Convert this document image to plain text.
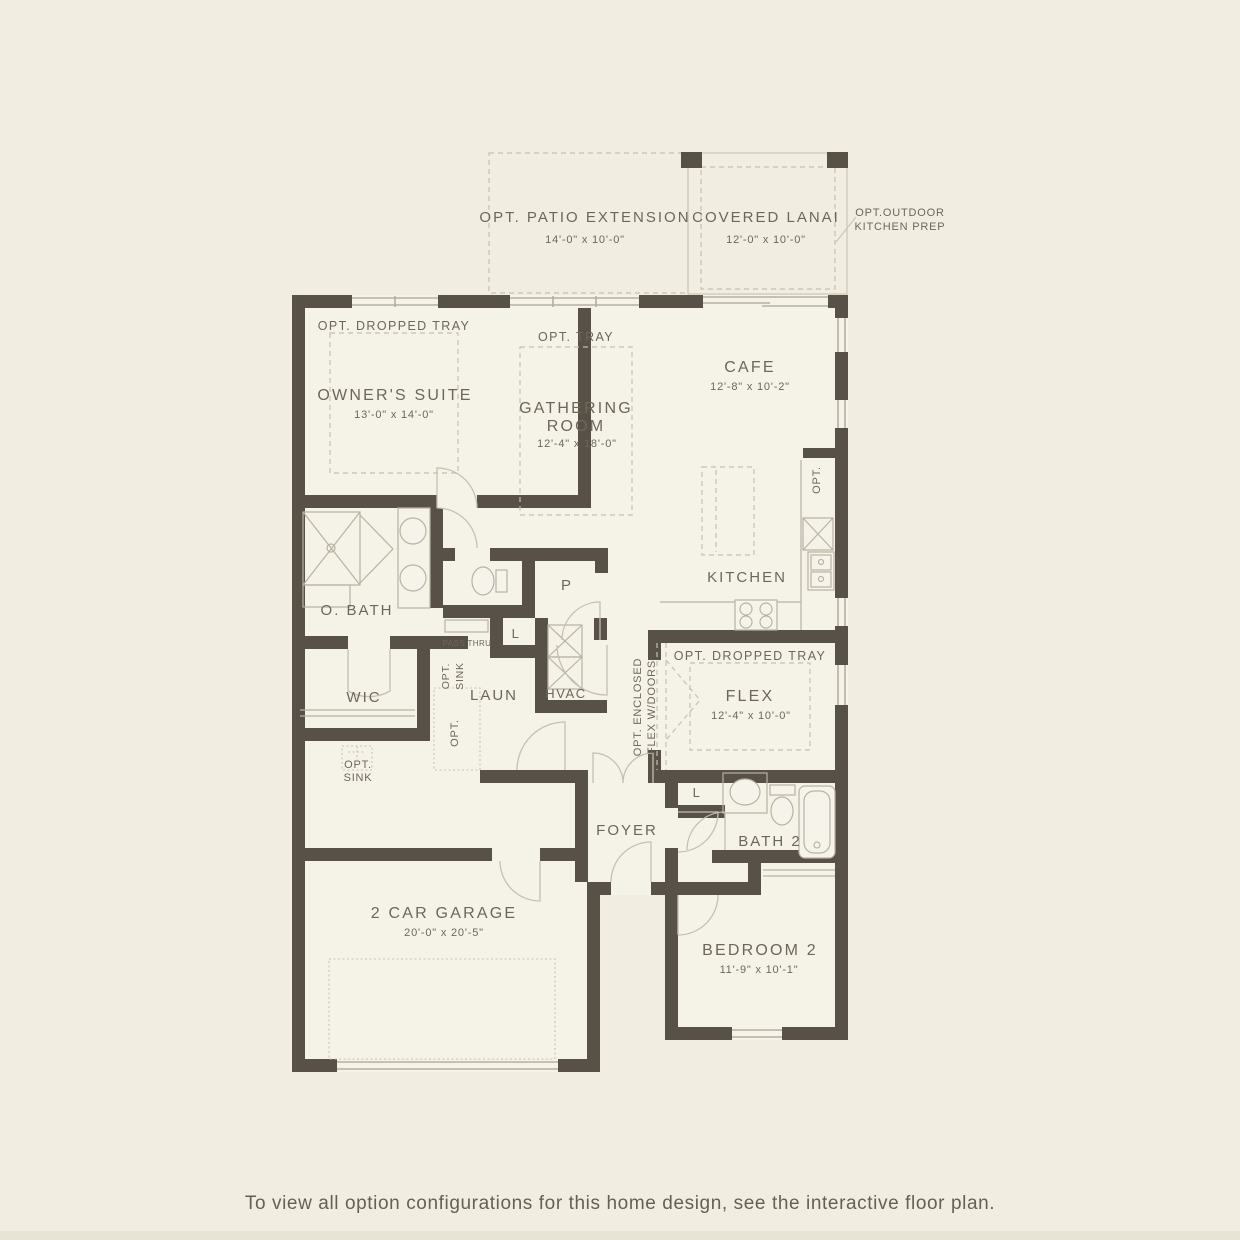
OPT. PATIO EXTENSION
14'-0" x 10'-0"
COVERED LANAI
12'-0" x 10'-0"
OPT.OUTDOOR
KITCHEN PREP
OPT. DROPPED TRAY
OWNER'S SUITE
13'-0" x 14'-0"
OPT. TRAY
GATHERING
ROOM
12'-4" x 18'-0"
CAFE
12'-8" x 10'-2"
KITCHEN
OPT.
O. BATH
WIC
P
L
PASS THRU
OPT. SINK
LAUN HVAC
OPT.
OPT.
SINK
OPT. DROPPED TRAY
FLEX
12'-4" x 10'-0"
OPT. ENCLOSED FLEX W/DOORS
FOYER
L
BATH 2
BEDROOM 2
11'-9" x 10'-1"
2 CAR GARAGE
20'-0" x 20'-5"
To view all option configurations for this home design, see the interactive floor plan.
